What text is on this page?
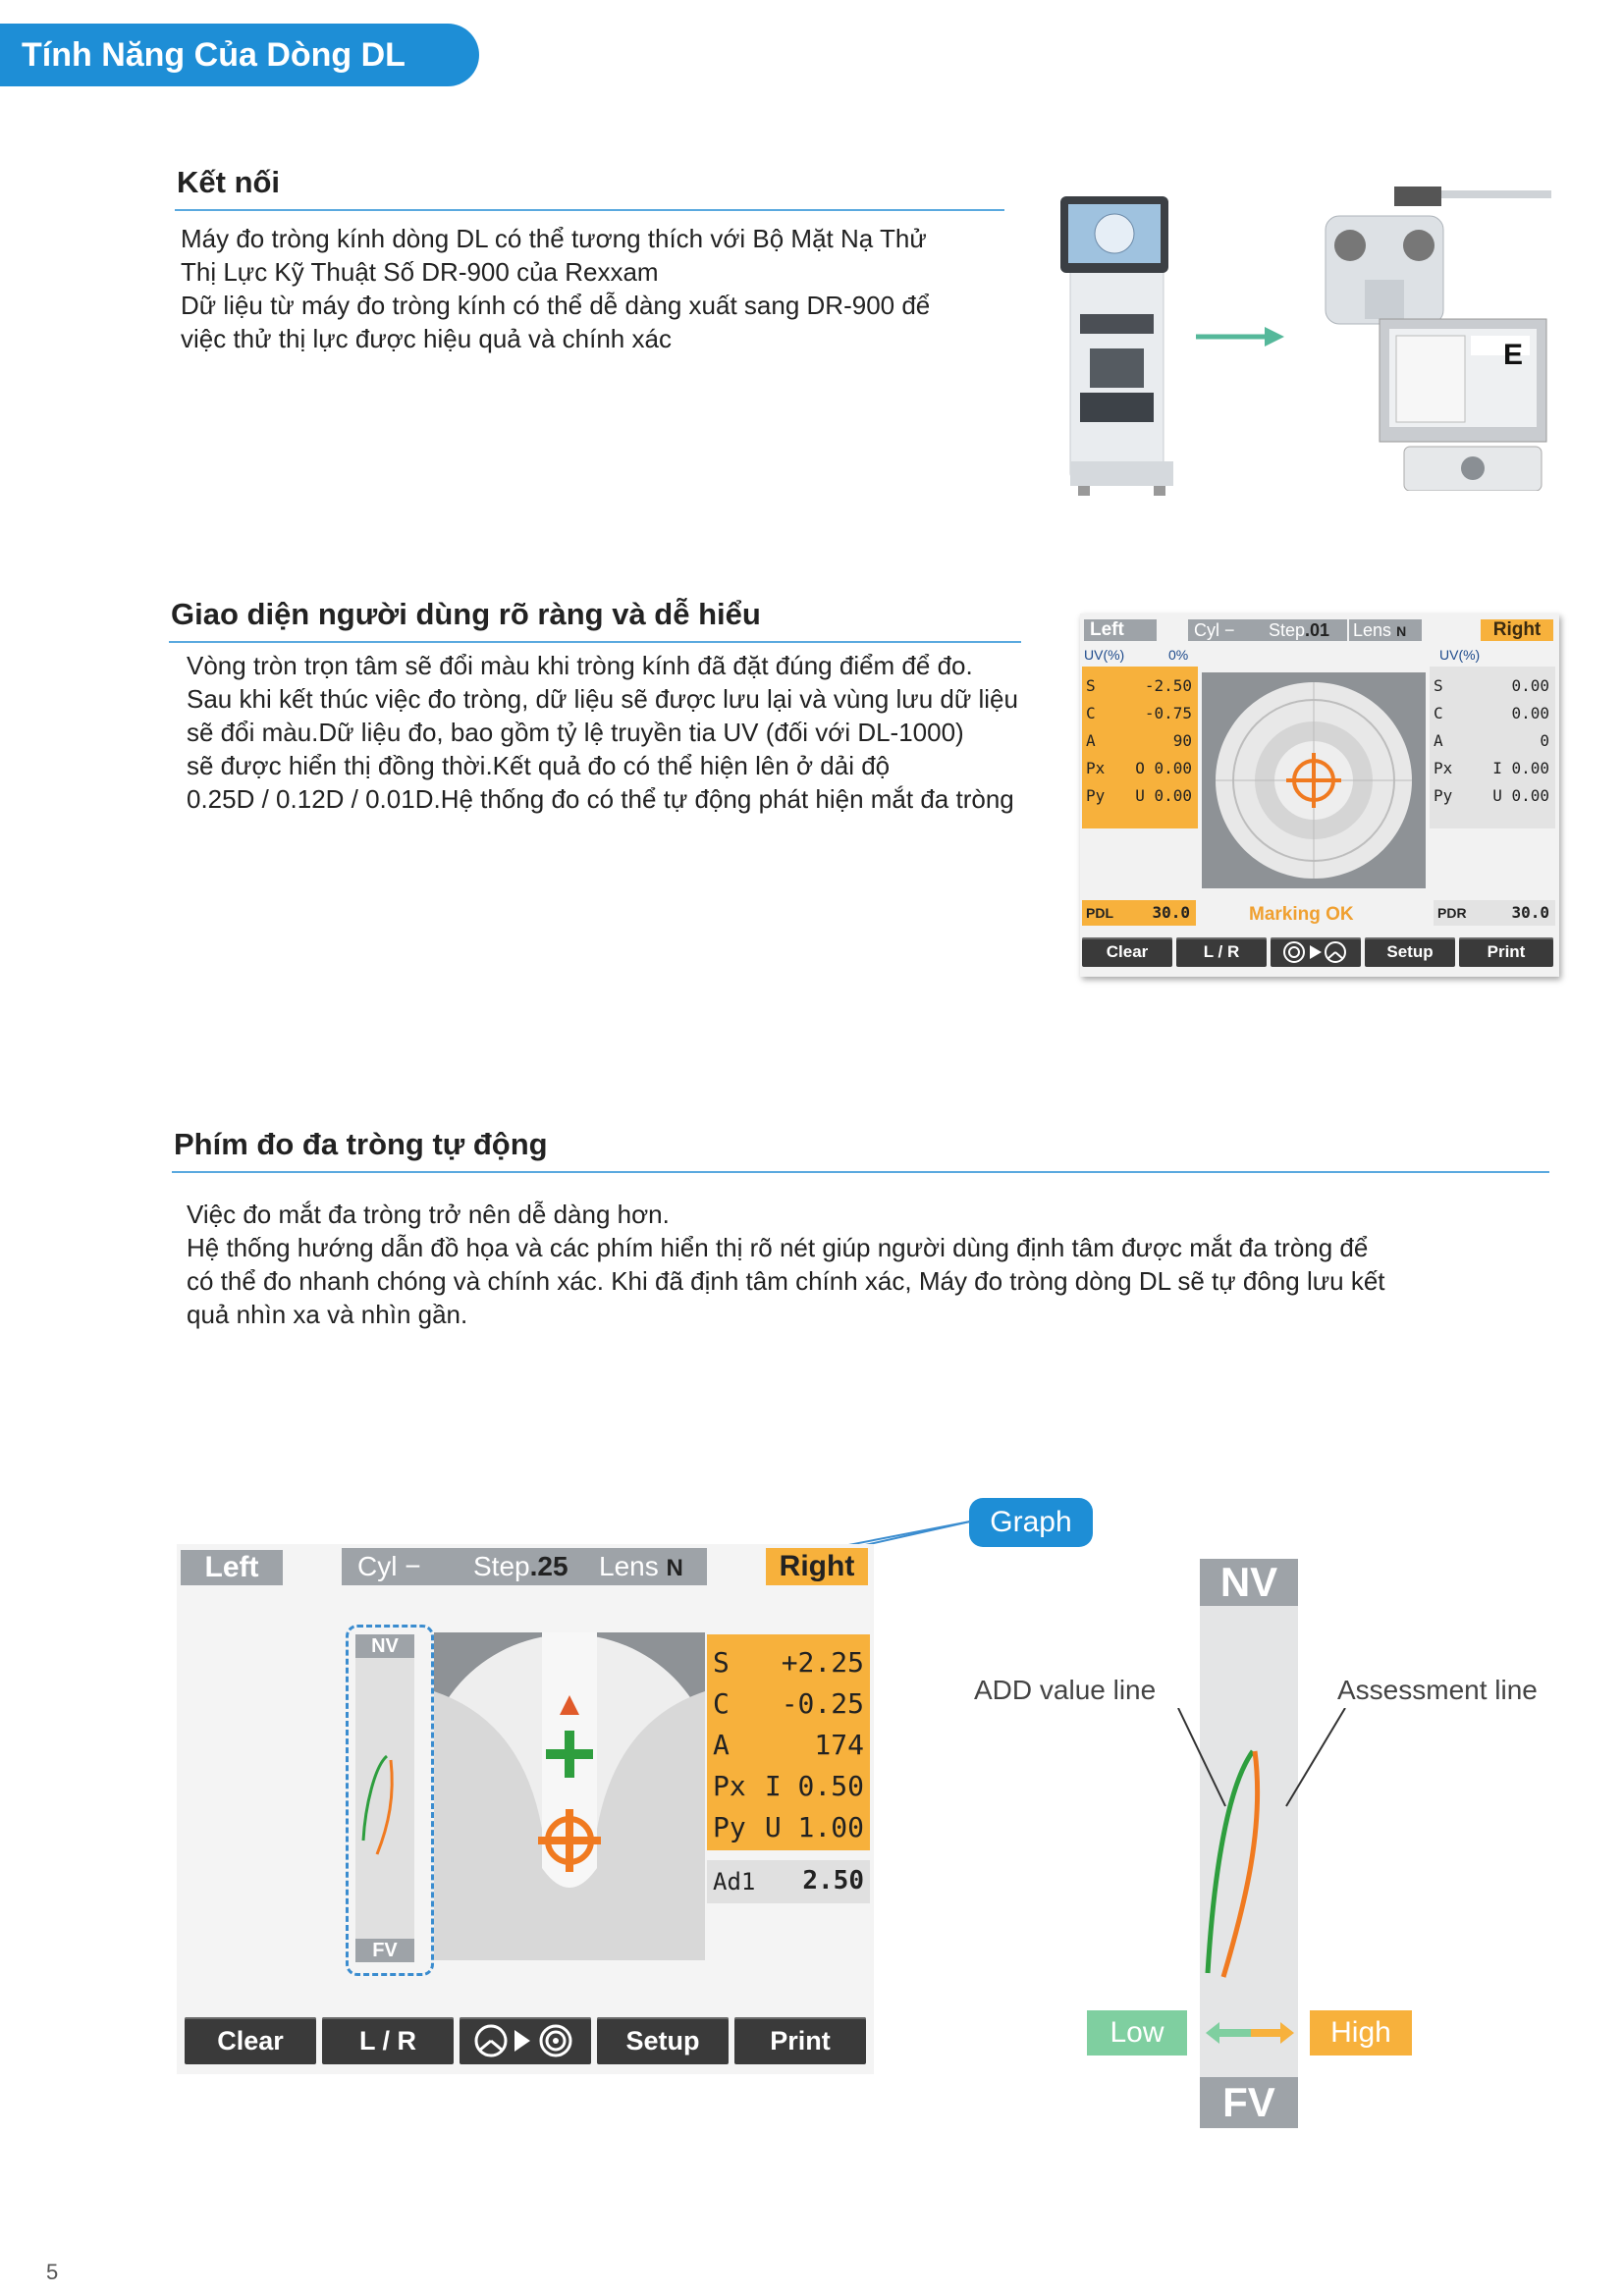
Tính Năng Của Dòng DL
Kết nối
Máy đo tròng kính dòng DL có thể tương thích với Bộ Mặt Nạ Thử
Thị Lực Kỹ Thuật Số DR-900 của Rexxam
Dữ liệu từ máy đo tròng kính có thể dễ dàng xuất sang DR-900 để
việc thử thị lực được hiệu quả và chính xác	E
Giao diện người dùng rõ ràng và dễ hiểu
Vòng tròn trọn tâm sẽ đổi màu khi tròng kính đã đặt đúng điểm để đo.
Sau khi kết thúc việc đo tròng, dữ liệu sẽ được lưu lại và vùng lưu dữ liệu
sẽ đổi màu.Dữ liệu đo, bao gồm tỷ lệ truyền tia UV (đối với DL-1000)
sẽ được hiển thị đồng thời.Kết quả đo có thể hiện lên ở dải độ
0.25D / 0.12D / 0.01D.Hệ thống đo có thể tự động phát hiện mắt đa tròng
Left	Cyl −	Step.01	Lens N	Right
UV(%)	0%
S	-2.50
C	-0.75
A	90
Px O 0.00
Py U 0.00
UV(%)
S	0.00
C	0.00
A	0
Px	I 0.00
Py	U 0.00
PDL 30.0	Marking OK	PDR	30.0
Clear	L / R	Setup	Print
Phím đo đa tròng tự động
Việc đo mắt đa tròng trở nên dễ dàng hơn.
Hệ thống hướng dẫn đồ họa và các phím hiển thị rõ nét giúp người dùng định tâm được mắt đa tròng để
có thể đo nhanh chóng và chính xác. Khi đã định tâm chính xác, Máy đo tròng dòng DL sẽ tự đông lưu kết
quả nhìn xa và nhìn gần.
Graph
Left	Cyl −	Step.25	Lens N	Right
NV
FV
S +2.25
C -0.25
A	174
Px I 0.50
Py U 1.00
Ad1 2.50
Clear	L / R	Setup	Print
NV
FV
ADD value line	Assessment line
Low	High
5
